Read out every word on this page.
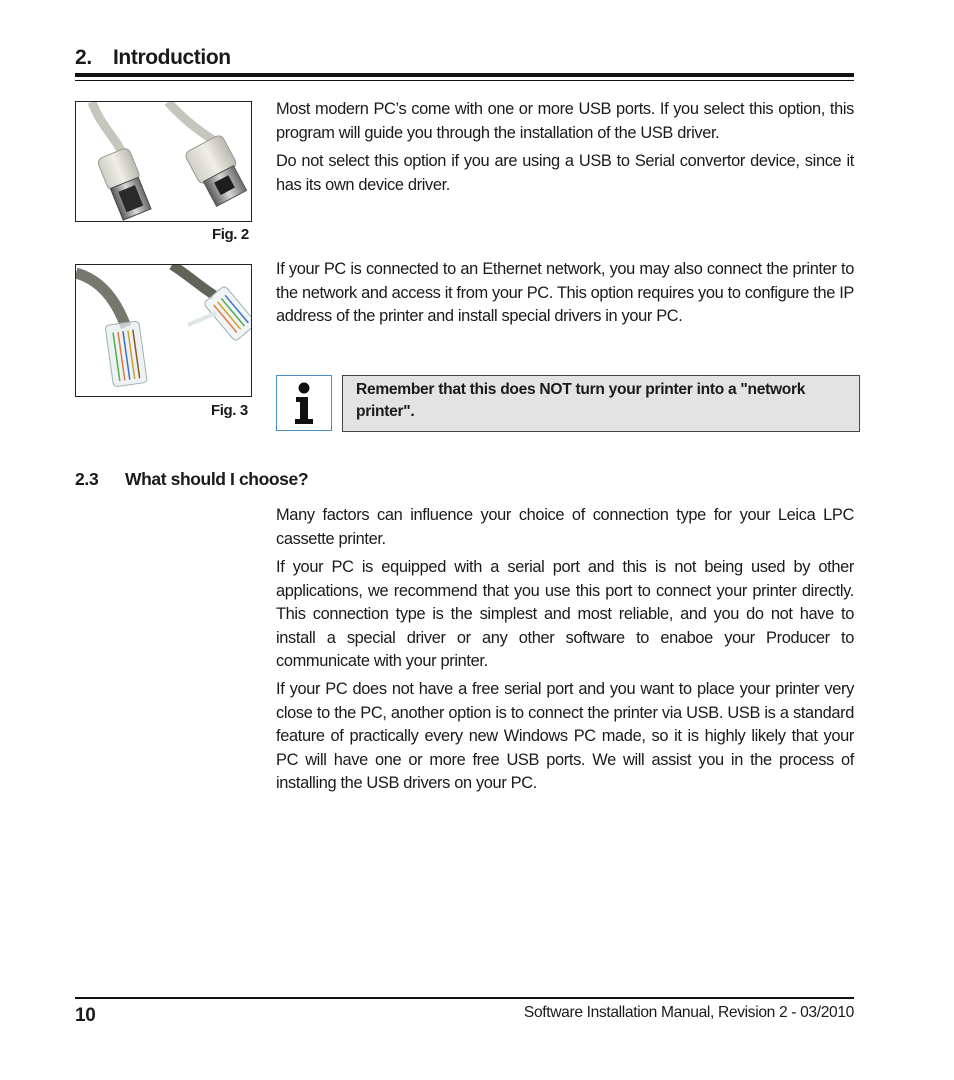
2. Introduction
Fig. 2
Fig. 3

Most modern PC’s come with one or more USB ports. If you select this option, this program will guide you through the installation of the USB driver.

Do not select this option if you are using a USB to Serial convertor device, since it has its own device driver.

If your PC is connected to an Ethernet network, you may also connect the printer to the network and access it from your PC. This option requires you to configure the IP address of the printer and install special drivers in your PC.

Remember that this does NOT turn your printer into a "network printer".
2.3 What should I choose?

Many factors can influence your choice of connection type for your Leica LPC cassette printer.

If your PC is equipped with a serial port and this is not being used by other applications, we recommend that you use this port to connect your printer directly. This connection type is the simplest and most reliable, and you do not have to install a special driver or any other software to enaboe your Producer to communicate with your printer.

If your PC does not have a free serial port and you want to place your printer very close to the PC, another option is to connect the printer via USB. USB is a standard feature of practically every new Windows PC made, so it is highly likely that your PC will have one or more free USB ports. We will assist you in the process of installing the USB drivers on your PC.

10	Software Installation Manual, Revision 2 - 03/2010
